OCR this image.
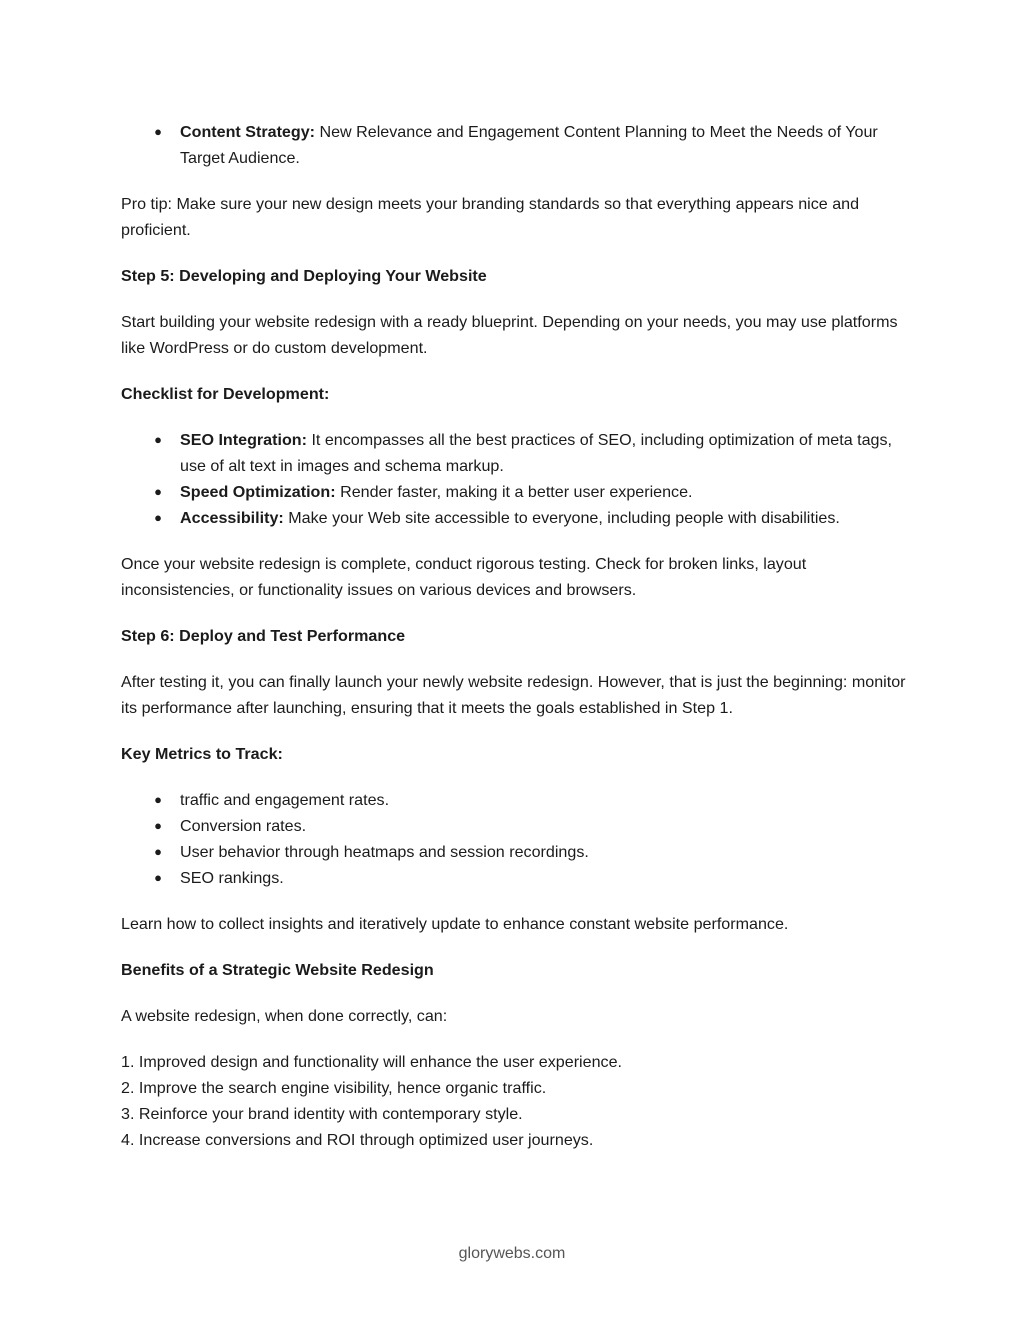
● Content Strategy: New Relevance and Engagement Content Planning to Meet the Needs of Your Target Audience.

Pro tip: Make sure your new design meets your branding standards so that everything appears nice and proficient.

Step 5: Developing and Deploying Your Website

Start building your website redesign with a ready blueprint. Depending on your needs, you may use platforms like WordPress or do custom development.

Checklist for Development:
● SEO Integration: It encompasses all the best practices of SEO, including optimization of meta tags, use of alt text in images and schema markup.
● Speed Optimization: Render faster, making it a better user experience.
● Accessibility: Make your Web site accessible to everyone, including people with disabilities.

Once your website redesign is complete, conduct rigorous testing. Check for broken links, layout inconsistencies, or functionality issues on various devices and browsers.

Step 6: Deploy and Test Performance

After testing it, you can finally launch your newly website redesign. However, that is just the beginning: monitor its performance after launching, ensuring that it meets the goals established in Step 1.

Key Metrics to Track:
● traffic and engagement rates.
● Conversion rates.
● User behavior through heatmaps and session recordings.
● SEO rankings.

Learn how to collect insights and iteratively update to enhance constant website performance.

Benefits of a Strategic Website Redesign

A website redesign, when done correctly, can:

1. Improved design and functionality will enhance the user experience.
2. Improve the search engine visibility, hence organic traffic.
3. Reinforce your brand identity with contemporary style.
4. Increase conversions and ROI through optimized user journeys.
glorywebs.com
